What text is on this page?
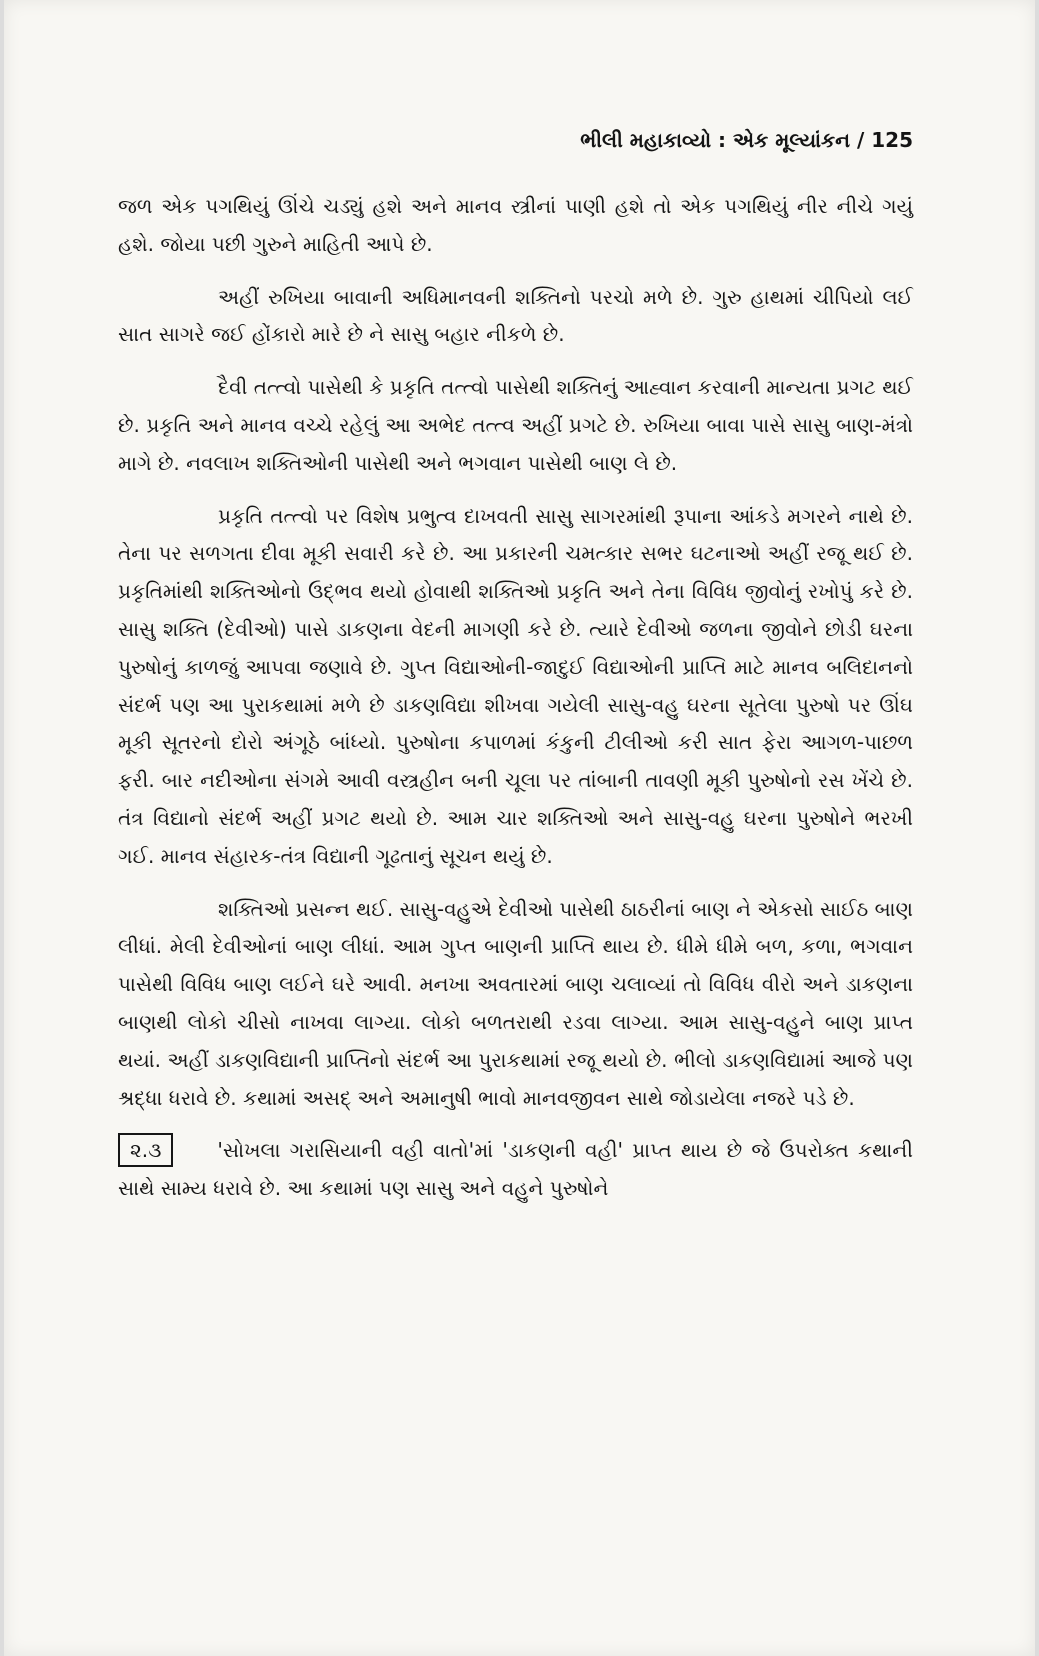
ભીલી મહાકાવ્યો : એક મૂલ્યાંકન / 125

જળ એક પગથિયું ઊંચે ચડ્યું હશે અને માનવ સ્ત્રીનાં પાણી હશે તો એક પગથિયું નીર નીચે ગયું હશે. જોયા પછી ગુરુને માહિતી આપે છે.

અહીં રુખિયા બાવાની અધિમાનવની શક્તિનો પરચો મળે છે. ગુરુ હાથમાં ચીપિયો લઈ સાત સાગરે જઈ હોંકારો મારે છે ને સાસુ બહાર નીકળે છે.

દૈવી તત્ત્વો પાસેથી કે પ્રકૃતિ તત્ત્વો પાસેથી શક્તિનું આહ્વાન કરવાની માન્યતા પ્રગટ થઈ છે. પ્રકૃતિ અને માનવ વચ્ચે રહેલું આ અભેદ તત્ત્વ અહીં પ્રગટે છે. રુખિયા બાવા પાસે સાસુ બાણ-મંત્રો માગે છે. નવલાખ શક્તિઓની પાસેથી અને ભગવાન પાસેથી બાણ લે છે.

પ્રકૃતિ તત્ત્વો પર વિશેષ પ્રભુત્વ દાખવતી સાસુ સાગરમાંથી રૂપાના આંકડે મગરને નાથે છે. તેના પર સળગતા દીવા મૂકી સવારી કરે છે. આ પ્રકારની ચમત્કાર સભર ઘટનાઓ અહીં રજૂ થઈ છે. પ્રકૃતિમાંથી શક્તિઓનો ઉદ્ભવ થયો હોવાથી શક્તિઓ પ્રકૃતિ અને તેના વિવિધ જીવોનું રખોપું કરે છે. સાસુ શક્તિ (દેવીઓ) પાસે ડાકણના વેદની માગણી કરે છે. ત્યારે દેવીઓ જળના જીવોને છોડી ઘરના પુરુષોનું કાળજું આપવા જણાવે છે. ગુપ્ત વિદ્યાઓની-જાદુઈ વિદ્યાઓની પ્રાપ્તિ માટે માનવ બલિદાનનો સંદર્ભ પણ આ પુરાકથામાં મળે છે ડાકણવિદ્યા શીખવા ગયેલી સાસુ-વહુ ઘરના સૂતેલા પુરુષો પર ઊંઘ મૂકી સૂતરનો દોરો અંગૂઠે બાંધ્યો. પુરુષોના કપાળમાં કંકુની ટીલીઓ કરી સાત ફેરા આગળ-પાછળ ફરી. બાર નદીઓના સંગમે આવી વસ્ત્રહીન બની ચૂલા પર તાંબાની તાવણી મૂકી પુરુષોનો રસ ખેંચે છે. તંત્ર વિદ્યાનો સંદર્ભ અહીં પ્રગટ થયો છે. આમ ચાર શક્તિઓ અને સાસુ-વહુ ઘરના પુરુષોને ભરખી ગઈ. માનવ સંહારક-તંત્ર વિદ્યાની ગૂઢતાનું સૂચન થયું છે.

શક્તિઓ પ્રસન્ન થઈ. સાસુ-વહુએ દેવીઓ પાસેથી ઠાઠરીનાં બાણ ને એકસો સાઈઠ બાણ લીધાં. મેલી દેવીઓનાં બાણ લીધાં. આમ ગુપ્ત બાણની પ્રાપ્તિ થાય છે. ધીમે ધીમે બળ, કળા, ભગવાન પાસેથી વિવિધ બાણ લઈને ઘરે આવી. મનખા અવતારમાં બાણ ચલાવ્યાં તો વિવિધ વીરો અને ડાકણના બાણથી લોકો ચીસો નાખવા લાગ્યા. લોકો બળતરાથી રડવા લાગ્યા. આમ સાસુ-વહુને બાણ પ્રાપ્ત થયાં. અહીં ડાકણવિદ્યાની પ્રાપ્તિનો સંદર્ભ આ પુરાકથામાં રજૂ થયો છે. ભીલો ડાકણવિદ્યામાં આજે પણ શ્રદ્ધા ધરાવે છે. કથામાં અસદ્ અને અમાનુષી ભાવો માનવજીવન સાથે જોડાયેલા નજરે પડે છે.

૨.૩	'સોખલા ગરાસિયાની વહી વાતો'માં 'ડાકણની વહી' પ્રાપ્ત થાય છે જે ઉપરોક્ત કથાની સાથે સામ્ય ધરાવે છે. આ કથામાં પણ સાસુ અને વહુને પુરુષોને
